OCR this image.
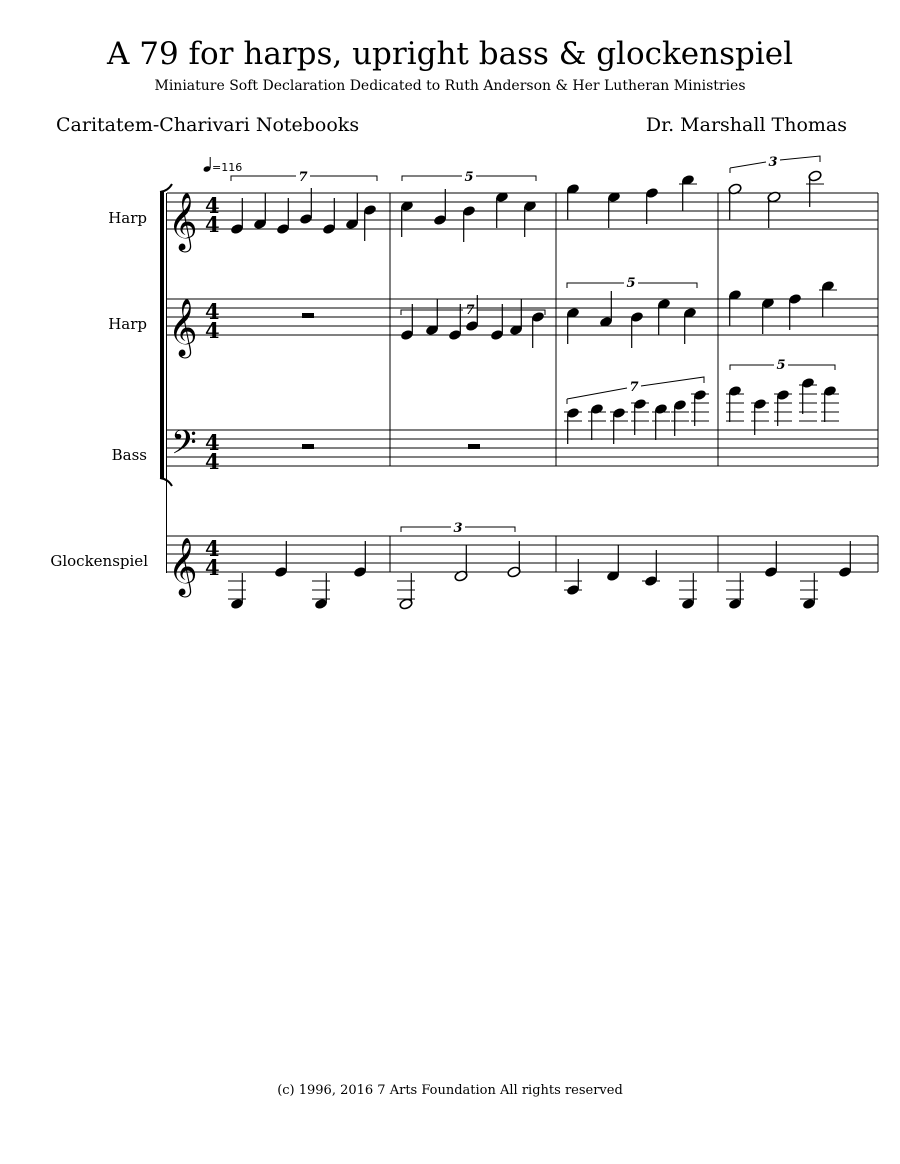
A 79 for harps, upright bass & glockenspiel
Miniature Soft Declaration Dedicated to Ruth Anderson & Her Lutheran Ministries
Caritatem-Charivari Notebooks	Dr. Marshall Thomas
Harp
Harp
Bass
Glockenspiel
=116
𝄞
𝄞
𝄢
𝄞
4
4
4
4
4
4
4
4
7	5
3
7
5
7
5
3
(c) 1996, 2016 7 Arts Foundation All rights reserved
